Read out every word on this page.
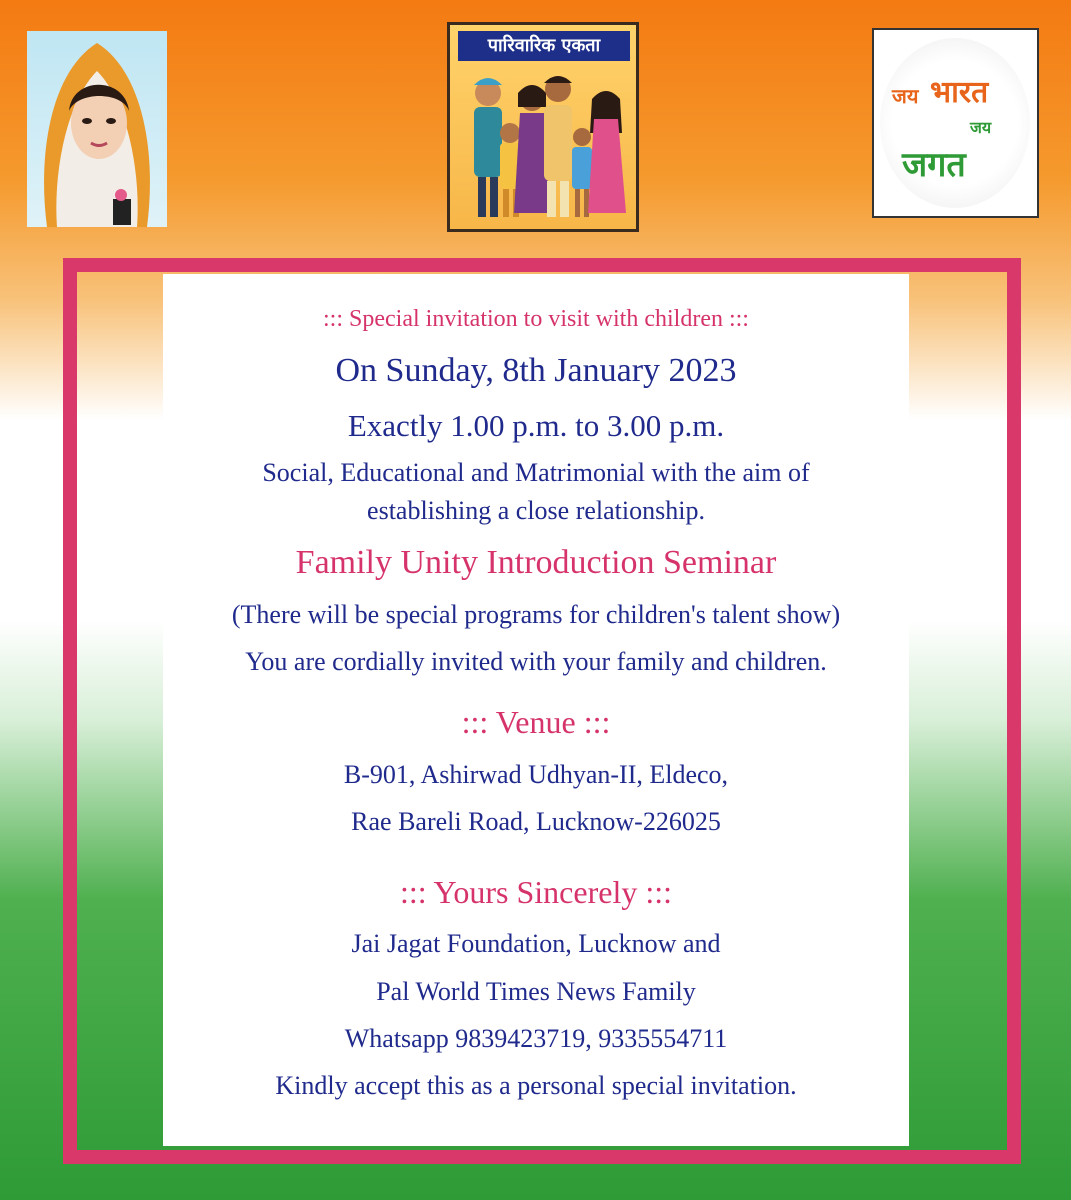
पारिवारिक एकता
जय भारत
जय
जगत
::: Special invitation to visit with children :::
On Sunday, 8th January 2023
Exactly 1.00 p.m. to 3.00 p.m.
Social, Educational and Matrimonial with the aim of
establishing a close relationship.
Family Unity Introduction Seminar
(There will be special programs for children's talent show)
You are cordially invited with your family and children.
::: Venue :::
B-901, Ashirwad Udhyan-II, Eldeco,
Rae Bareli Road, Lucknow-226025
::: Yours Sincerely :::
Jai Jagat Foundation, Lucknow and
Pal World Times News Family
Whatsapp 9839423719, 9335554711
Kindly accept this as a personal special invitation.
